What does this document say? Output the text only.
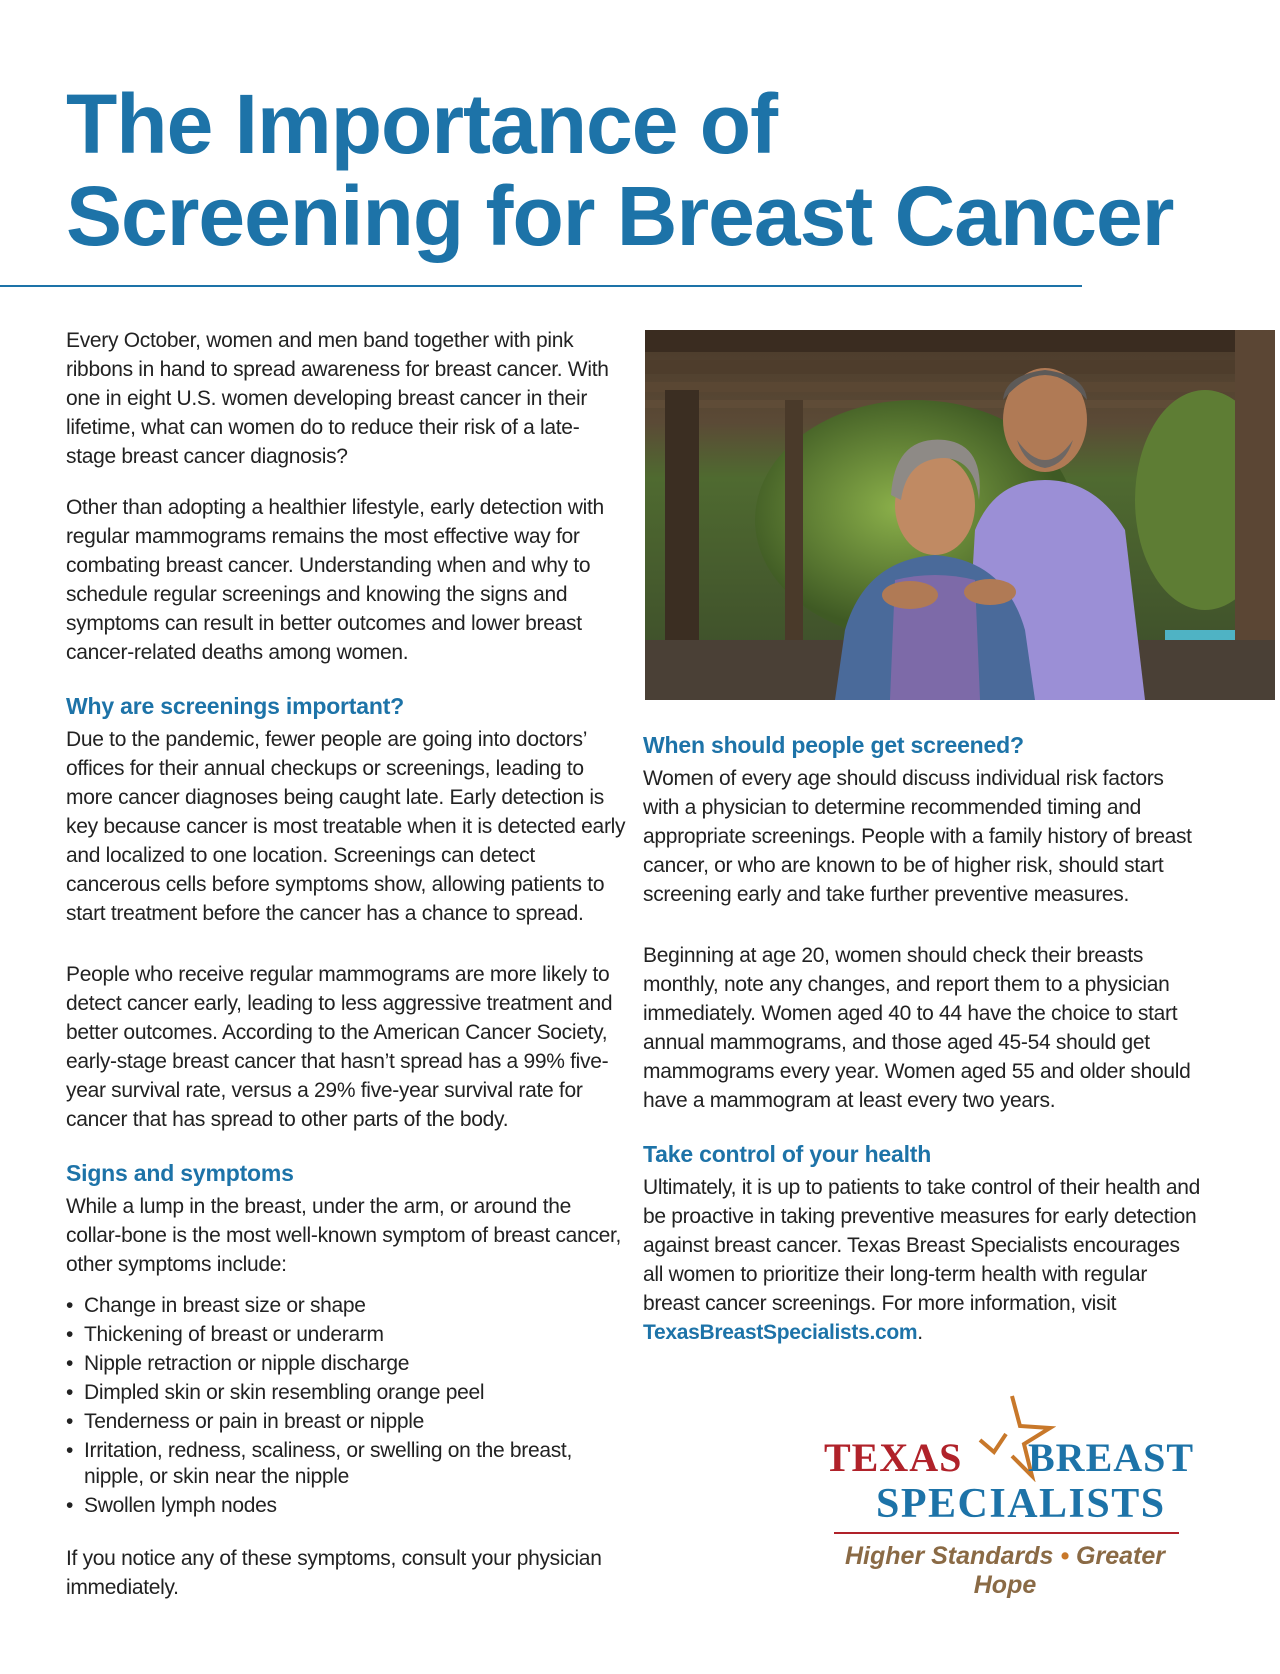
The Importance of
Screening for Breast Cancer

Every October, women and men band together with pink ribbons in hand to spread awareness for breast cancer. With one in eight U.S. women developing breast cancer in their lifetime, what can women do to reduce their risk of a late-stage breast cancer diagnosis?

Other than adopting a healthier lifestyle, early detection with regular mammograms remains the most effective way for combating breast cancer. Understanding when and why to schedule regular screenings and knowing the signs and symptoms can result in better outcomes and lower breast cancer-related deaths among women.

Why are screenings important?

Due to the pandemic, fewer people are going into doctors’ offices for their annual checkups or screenings, leading to more cancer diagnoses being caught late. Early detection is key because cancer is most treatable when it is detected early and localized to one location. Screenings can detect cancerous cells before symptoms show, allowing patients to start treatment before the cancer has a chance to spread.

People who receive regular mammograms are more likely to detect cancer early, leading to less aggressive treatment and better outcomes. According to the American Cancer Society, early-stage breast cancer that hasn’t spread has a 99% five-year survival rate, versus a 29% five-year survival rate for cancer that has spread to other parts of the body.

Signs and symptoms

While a lump in the breast, under the arm, or around the collar-bone is the most well-known symptom of breast cancer, other symptoms include:

• Change in breast size or shape
• Thickening of breast or underarm
• Nipple retraction or nipple discharge
• Dimpled skin or skin resembling orange peel
• Tenderness or pain in breast or nipple
• Irritation, redness, scaliness, or swelling on the breast, nipple, or skin near the nipple
• Swollen lymph nodes

If you notice any of these symptoms, consult your physician immediately.

When should people get screened?

Women of every age should discuss individual risk factors with a physician to determine recommended timing and appropriate screenings. People with a family history of breast cancer, or who are known to be of higher risk, should start screening early and take further preventive measures.

Beginning at age 20, women should check their breasts monthly, note any changes, and report them to a physician immediately. Women aged 40 to 44 have the choice to start annual mammograms, and those aged 45-54 should get mammograms every year. Women aged 55 and older should have a mammogram at least every two years.

Take control of your health

Ultimately, it is up to patients to take control of their health and be proactive in taking preventive measures for early detection against breast cancer. Texas Breast Specialists encourages all women to prioritize their long-term health with regular breast cancer screenings. For more information, visit TexasBreastSpecialists.com.

TEXAS BREAST
SPECIALISTS
Higher Standards • Greater Hope
